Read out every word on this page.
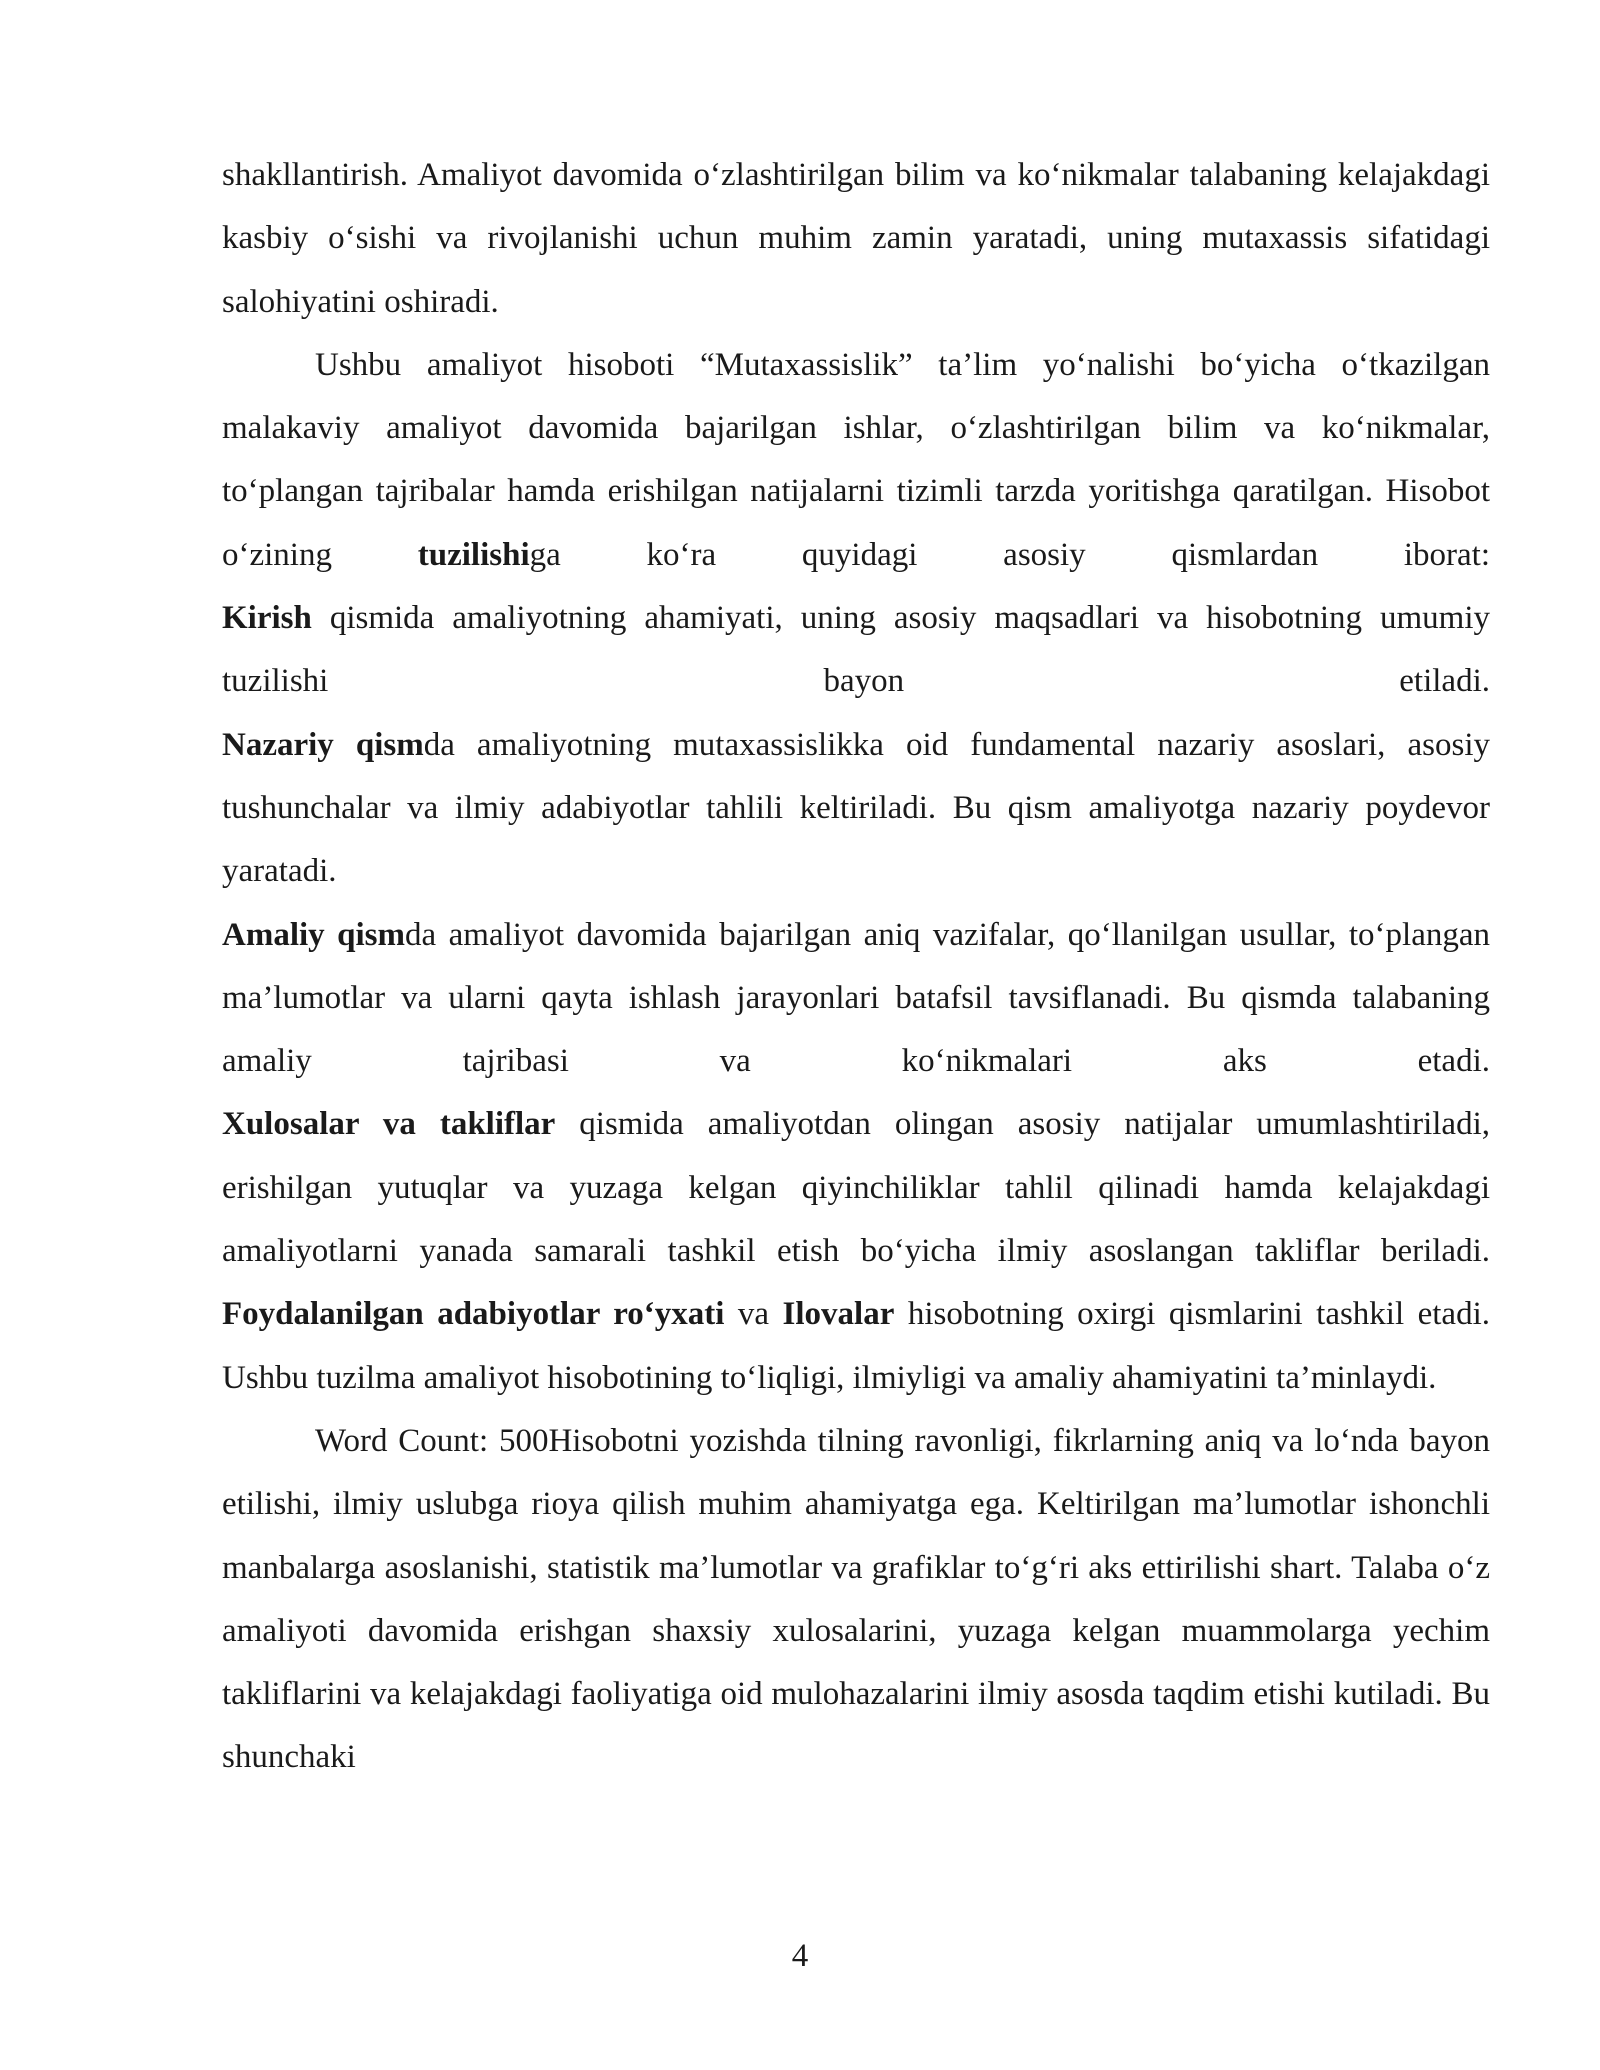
shakllantirish. Amaliyot davomida o‘zlashtirilgan bilim va ko‘nikmalar talabaning kelajakdagi kasbiy o‘sishi va rivojlanishi uchun muhim zamin yaratadi, uning mutaxassis sifatidagi salohiyatini oshiradi.

Ushbu amaliyot hisoboti “Mutaxassislik” ta’lim yo‘nalishi bo‘yicha o‘tkazilgan malakaviy amaliyot davomida bajarilgan ishlar, o‘zlashtirilgan bilim va ko‘nikmalar, to‘plangan tajribalar hamda erishilgan natijalarni tizimli tarzda yoritishga qaratilgan. Hisobot o‘zining tuzilishiga ko‘ra quyidagi asosiy qismlardan iborat:

Kirish qismida amaliyotning ahamiyati, uning asosiy maqsadlari va hisobotning umumiy tuzilishi bayon etiladi.

Nazariy qismda amaliyotning mutaxassislikka oid fundamental nazariy asoslari, asosiy tushunchalar va ilmiy adabiyotlar tahlili keltiriladi. Bu qism amaliyotga nazariy poydevor yaratadi.

Amaliy qismda amaliyot davomida bajarilgan aniq vazifalar, qo‘llanilgan usullar, to‘plangan ma’lumotlar va ularni qayta ishlash jarayonlari batafsil tavsiflanadi. Bu qismda talabaning amaliy tajribasi va ko‘nikmalari aks etadi.

Xulosalar va takliflar qismida amaliyotdan olingan asosiy natijalar umumlashtiriladi, erishilgan yutuqlar va yuzaga kelgan qiyinchiliklar tahlil qilinadi hamda kelajakdagi amaliyotlarni yanada samarali tashkil etish bo‘yicha ilmiy asoslangan takliflar beriladi.

Foydalanilgan adabiyotlar ro‘yxati va Ilovalar hisobotning oxirgi qismlarini tashkil etadi. Ushbu tuzilma amaliyot hisobotining to‘liqligi, ilmiyligi va amaliy ahamiyatini ta’minlaydi.

Word Count: 500Hisobotni yozishda tilning ravonligi, fikrlarning aniq va lo‘nda bayon etilishi, ilmiy uslubga rioya qilish muhim ahamiyatga ega. Keltirilgan ma’lumotlar ishonchli manbalarga asoslanishi, statistik ma’lumotlar va grafiklar to‘g‘ri aks ettirilishi shart. Talaba o‘z amaliyoti davomida erishgan shaxsiy xulosalarini, yuzaga kelgan muammolarga yechim takliflarini va kelajakdagi faoliyatiga oid mulohazalarini ilmiy asosda taqdim etishi kutiladi. Bu shunchaki

4
